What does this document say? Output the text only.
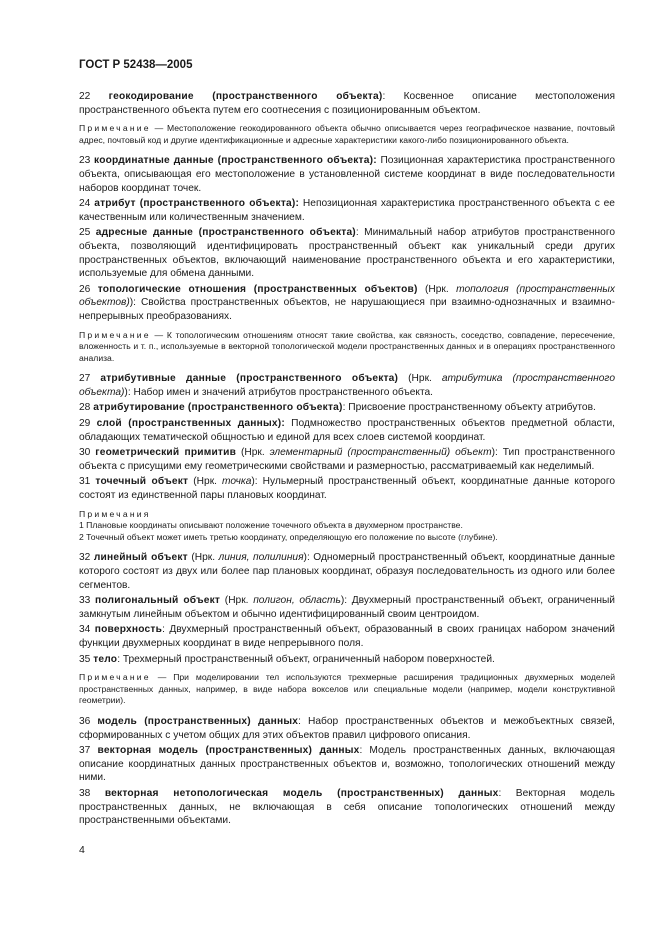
ГОСТ Р 52438—2005

22 геокодирование (пространственного объекта): Косвенное описание местоположения пространственного объекта путем его соотнесения с позиционированным объектом.

Примечание — Местоположение геокодированного объекта обычно описывается через географическое название, почтовый адрес, почтовый код и другие идентификационные и адресные характеристики какого-либо позиционированного объекта.

23 координатные данные (пространственного объекта): Позиционная характеристика пространственного объекта, описывающая его местоположение в установленной системе координат в виде последовательности наборов координат точек.

24 атрибут (пространственного объекта): Непозиционная характеристика пространственного объекта с ее качественным или количественным значением.

25 адресные данные (пространственного объекта): Минимальный набор атрибутов пространственного объекта, позволяющий идентифицировать пространственный объект как уникальный среди других пространственных объектов, включающий наименование пространственного объекта и его характеристики, используемые для обмена данными.

26 топологические отношения (пространственных объектов) (Нрк. топология (пространственных объектов)): Свойства пространственных объектов, не нарушающиеся при взаимно-однозначных и взаимно-непрерывных преобразованиях.

Примечание — К топологическим отношениям относят такие свойства, как связность, соседство, совпадение, пересечение, вложенность и т. п., используемые в векторной топологической модели пространственных данных и в операциях пространственного анализа.

27 атрибутивные данные (пространственного объекта) (Нрк. атрибутика (пространственного объекта)): Набор имен и значений атрибутов пространственного объекта.

28 атрибутирование (пространственного объекта): Присвоение пространственному объекту атрибутов.

29 слой (пространственных данных): Подмножество пространственных объектов предметной области, обладающих тематической общностью и единой для всех слоев системой координат.

30 геометрический примитив (Нрк. элементарный (пространственный) объект): Тип пространственного объекта с присущими ему геометрическими свойствами и размерностью, рассматриваемый как неделимый.

31 точечный объект (Нрк. точка): Нульмерный пространственный объект, координатные данные которого состоят из единственной пары плановых координат.

Примечания

1 Плановые координаты описывают положение точечного объекта в двухмерном пространстве.

2 Точечный объект может иметь третью координату, определяющую его положение по высоте (глубине).

32 линейный объект (Нрк. линия, полилиния): Одномерный пространственный объект, координатные данные которого состоят из двух или более пар плановых координат, образуя последовательность из одного или более сегментов.

33 полигональный объект (Нрк. полигон, область): Двухмерный пространственный объект, ограниченный замкнутым линейным объектом и обычно идентифицированный своим центроидом.

34 поверхность: Двухмерный пространственный объект, образованный в своих границах набором значений функции двухмерных координат в виде непрерывного поля.

35 тело: Трехмерный пространственный объект, ограниченный набором поверхностей.

Примечание — При моделировании тел используются трехмерные расширения традиционных двухмерных моделей пространственных данных, например, в виде набора вокселов или специальные модели (например, модели конструктивной геометрии).

36 модель (пространственных) данных: Набор пространственных объектов и межобъектных связей, сформированных с учетом общих для этих объектов правил цифрового описания.

37 векторная модель (пространственных) данных: Модель пространственных данных, включающая описание координатных данных пространственных объектов и, возможно, топологических отношений между ними.

38 векторная нетопологическая модель (пространственных) данных: Векторная модель пространственных данных, не включающая в себя описание топологических отношений между пространственными объектами.

4
